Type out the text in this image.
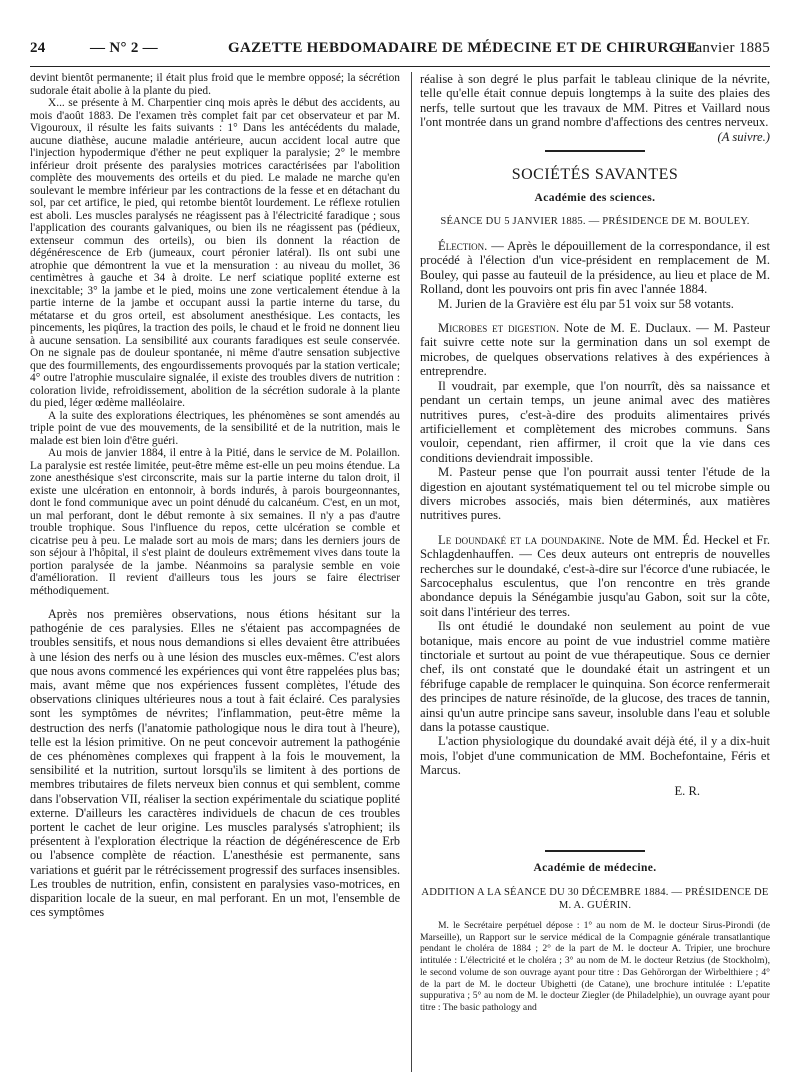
24	— N° 2 —	GAZETTE HEBDOMADAIRE DE MÉDECINE ET DE CHIRURGIE
9 Janvier 1885

devint bientôt permanente; il était plus froid que le membre opposé; la sécrétion sudorale était abolie à la plante du pied.

X... se présente à M. Charpentier cinq mois après le début des accidents, au mois d'août 1883. De l'examen très complet fait par cet observateur et par M. Vigouroux, il résulte les faits suivants : 1° Dans les antécédents du malade, aucune diathèse, aucune maladie antérieure, aucun accident local autre que l'injection hypodermique d'éther ne peut expliquer la paralysie; 2° le membre inférieur droit présente des paralysies motrices caractérisées par l'abolition complète des mouvements des orteils et du pied. Le malade ne marche qu'en soulevant le membre inférieur par les contractions de la fesse et en détachant du sol, par cet artifice, le pied, qui retombe bientôt lourdement. Le réflexe rotulien est aboli. Les muscles paralysés ne réagissent pas à l'électricité faradique ; sous l'application des courants galvaniques, ou bien ils ne réagissent pas (pédieux, extenseur commun des orteils), ou bien ils donnent la réaction de dégénérescence de Erb (jumeaux, court péronier latéral). Ils ont subi une atrophie que démontrent la vue et la mensuration : au niveau du mollet, 36 centimètres à gauche et 34 à droite. Le nerf sciatique poplité externe est inexcitable; 3° la jambe et le pied, moins une zone verticalement étendue à la partie interne de la jambe et occupant aussi la partie interne du tarse, du métatarse et du gros orteil, est absolument anesthésique. Les contacts, les pincements, les piqûres, la traction des poils, le chaud et le froid ne donnent lieu à aucune sensation. La sensibilité aux courants faradiques est seule conservée. On ne signale pas de douleur spontanée, ni même d'autre sensation subjective que des fourmillements, des engourdissements provoqués par la station verticale; 4° outre l'atrophie musculaire signalée, il existe des troubles divers de nutrition : coloration livide, refroidissement, abolition de la sécrétion sudorale à la plante du pied, léger œdème malléolaire.

A la suite des explorations électriques, les phénomènes se sont amendés au triple point de vue des mouvements, de la sensibilité et de la nutrition, mais le malade est bien loin d'être guéri.

Au mois de janvier 1884, il entre à la Pitié, dans le service de M. Polaillon. La paralysie est restée limitée, peut-être même est-elle un peu moins étendue. La zone anesthésique s'est circonscrite, mais sur la partie interne du talon droit, il existe une ulcération en entonnoir, à bords indurés, à parois bourgeonnantes, dont le fond communique avec un point dénudé du calcanéum. C'est, en un mot, un mal perforant, dont le début remonte à six semaines. Il n'y a pas d'autre trouble trophique. Sous l'influence du repos, cette ulcération se comble et cicatrise peu à peu. Le malade sort au mois de mars; dans les derniers jours de son séjour à l'hôpital, il s'est plaint de douleurs extrêmement vives dans toute la portion paralysée de la jambe. Néanmoins sa paralysie semble en voie d'amélioration. Il revient d'ailleurs tous les jours se faire électriser méthodiquement.

Après nos premières observations, nous étions hésitant sur la pathogénie de ces paralysies. Elles ne s'étaient pas accompagnées de troubles sensitifs, et nous nous demandions si elles devaient être attribuées à une lésion des nerfs ou à une lésion des muscles eux-mêmes. C'est alors que nous avons commencé les expériences qui vont être rappelées plus bas; mais, avant même que nos expériences fussent complètes, l'étude des observations cliniques ultérieures nous a tout à fait éclairé. Ces paralysies sont les symptômes de névrites; l'inflammation, peut-être même la destruction des nerfs (l'anatomie pathologique nous le dira tout à l'heure), telle est la lésion primitive. On ne peut concevoir autrement la pathogénie de ces phénomènes complexes qui frappent à la fois le mouvement, la sensibilité et la nutrition, surtout lorsqu'ils se limitent à des portions de membres tributaires de filets nerveux bien connus et qui semblent, comme dans l'observation VII, réaliser la section expérimentale du sciatique poplité externe. D'ailleurs les caractères individuels de chacun de ces troubles portent le cachet de leur origine. Les muscles paralysés s'atrophient; ils présentent à l'exploration électrique la réaction de dégénérescence de Erb ou l'absence complète de réaction. L'anesthésie est permanente, sans variations et guérit par le rétrécissement progressif des surfaces insensibles. Les troubles de nutrition, enfin, consistent en paralysies vaso-motrices, en disparition locale de la sueur, en mal perforant. En un mot, l'ensemble de ces symptômes

réalise à son degré le plus parfait le tableau clinique de la névrite, telle qu'elle était connue depuis longtemps à la suite des plaies des nerfs, telle surtout que les travaux de MM. Pitres et Vaillard nous l'ont montrée dans un grand nombre d'affections des centres nerveux.

(A suivre.)

SOCIÉTÉS SAVANTES
Académie des sciences.
SÉANCE DU 5 JANVIER 1885. — PRÉSIDENCE DE M. BOULEY.

Élection. — Après le dépouillement de la correspondance, il est procédé à l'élection d'un vice-président en remplacement de M. Bouley, qui passe au fauteuil de la présidence, au lieu et place de M. Rolland, dont les pouvoirs ont pris fin avec l'année 1884.

M. Jurien de la Gravière est élu par 51 voix sur 58 votants.

Microbes et digestion. Note de M. E. Duclaux. — M. Pasteur fait suivre cette note sur la germination dans un sol exempt de microbes, de quelques observations relatives à des expériences à entreprendre.

Il voudrait, par exemple, que l'on nourrît, dès sa naissance et pendant un certain temps, un jeune animal avec des matières nutritives pures, c'est-à-dire des produits alimentaires privés artificiellement et complètement des microbes communs. Sans vouloir, cependant, rien affirmer, il croit que la vie dans ces conditions deviendrait impossible.

M. Pasteur pense que l'on pourrait aussi tenter l'étude de la digestion en ajoutant systématiquement tel ou tel microbe simple ou divers microbes associés, mais bien déterminés, aux matières nutritives pures.

Le doundaké et la doundakine. Note de MM. Éd. Heckel et Fr. Schlagdenhauffen. — Ces deux auteurs ont entrepris de nouvelles recherches sur le doundaké, c'est-à-dire sur l'écorce d'une rubiacée, le Sarcocephalus esculentus, que l'on rencontre en très grande abondance depuis la Sénégambie jusqu'au Gabon, soit sur la côte, soit dans l'intérieur des terres.

Ils ont étudié le doundaké non seulement au point de vue botanique, mais encore au point de vue industriel comme matière tinctoriale et surtout au point de vue thérapeutique. Sous ce dernier chef, ils ont constaté que le doundaké était un astringent et un fébrifuge capable de remplacer le quinquina. Son écorce renfermerait des principes de nature résinoïde, de la glucose, des traces de tannin, ainsi qu'un autre principe sans saveur, insoluble dans l'eau et soluble dans la potasse caustique.

L'action physiologique du doundaké avait déjà été, il y a dix-huit mois, l'objet d'une communication de MM. Bochefontaine, Féris et Marcus.

E. R.

Académie de médecine.
ADDITION A LA SÉANCE DU 30 DÉCEMBRE 1884. — PRÉSIDENCE DE M. A. GUÉRIN.

M. le Secrétaire perpétuel dépose : 1° au nom de M. le docteur Sirus-Pirondi (de Marseille), un Rapport sur le service médical de la Compagnie générale transatlantique pendant le choléra de 1884 ; 2° de la part de M. le docteur A. Tripier, une brochure intitulée : L'électricité et le choléra ; 3° au nom de M. le docteur Retzius (de Stockholm), le second volume de son ouvrage ayant pour titre : Das Gehörorgan der Wirbelthiere ; 4° de la part de M. le docteur Ubighetti (de Catane), une brochure intitulée : L'epatite suppurativa ; 5° au nom de M. le docteur Ziegler (de Philadelphie), un ouvrage ayant pour titre : The basic pathology and
